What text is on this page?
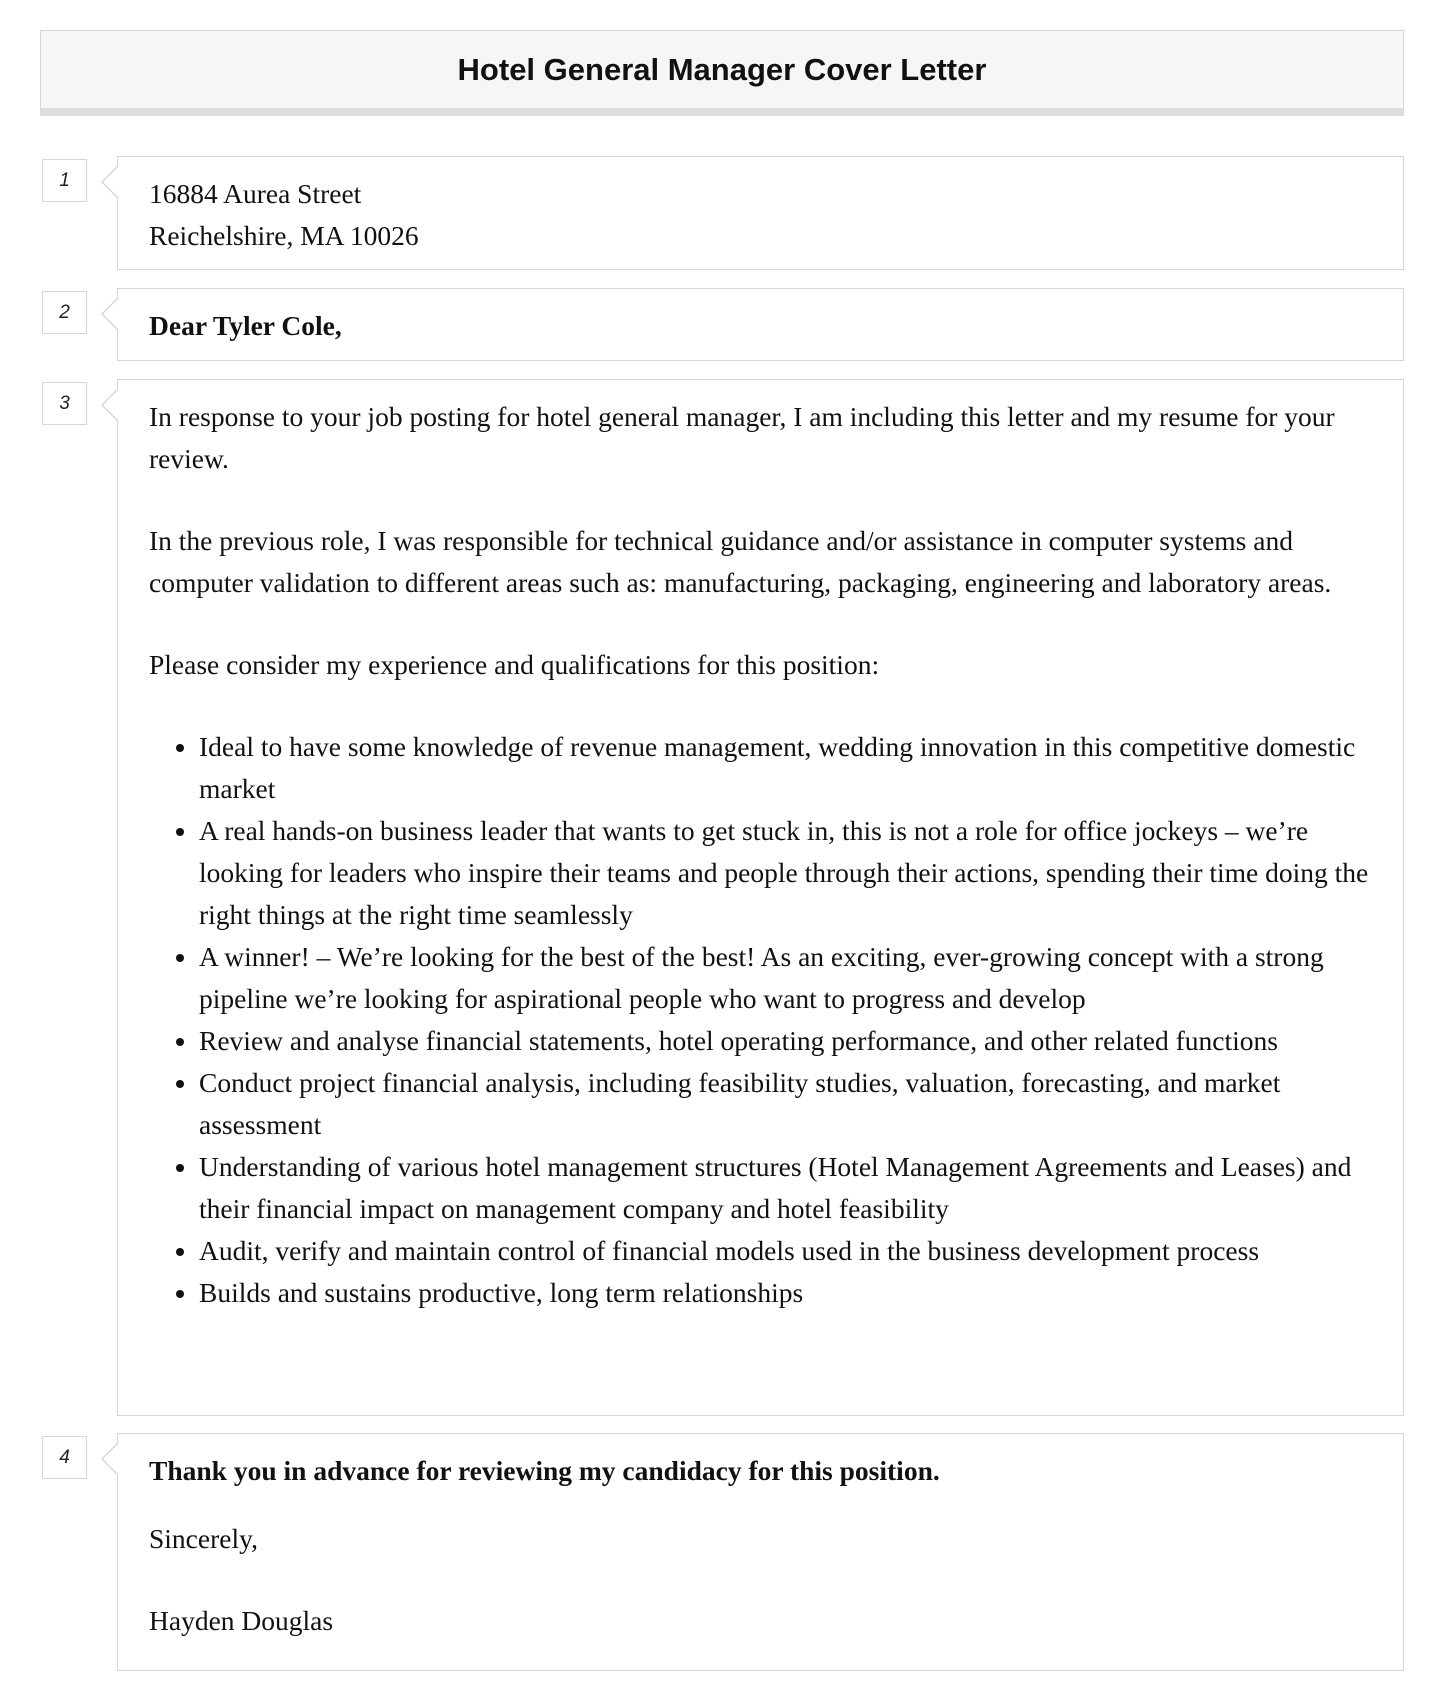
Hotel General Manager Cover Letter
1	16884 Aurea Street

Reichelshire, MA 10026

2	Dear Tyler Cole,

3	In response to your job posting for hotel general manager, I am including this letter and my resume for your review.

In the previous role, I was responsible for technical guidance and/or assistance in computer systems and computer validation to different areas such as: manufacturing, packaging, engineering and laboratory areas.

Please consider my experience and qualifications for this position:

• Ideal to have some knowledge of revenue management, wedding innovation in this competitive domestic market
• A real hands-on business leader that wants to get stuck in, this is not a role for office jockeys – we’re looking for leaders who inspire their teams and people through their actions, spending their time doing the right things at the right time seamlessly
• A winner! – We’re looking for the best of the best! As an exciting, ever-growing concept with a strong pipeline we’re looking for aspirational people who want to progress and develop
• Review and analyse financial statements, hotel operating performance, and other related functions
• Conduct project financial analysis, including feasibility studies, valuation, forecasting, and market assessment
• Understanding of various hotel management structures (Hotel Management Agreements and Leases) and their financial impact on management company and hotel feasibility
• Audit, verify and maintain control of financial models used in the business development process
• Builds and sustains productive, long term relationships
4	Thank you in advance for reviewing my candidacy for this position.

Sincerely,

Hayden Douglas
